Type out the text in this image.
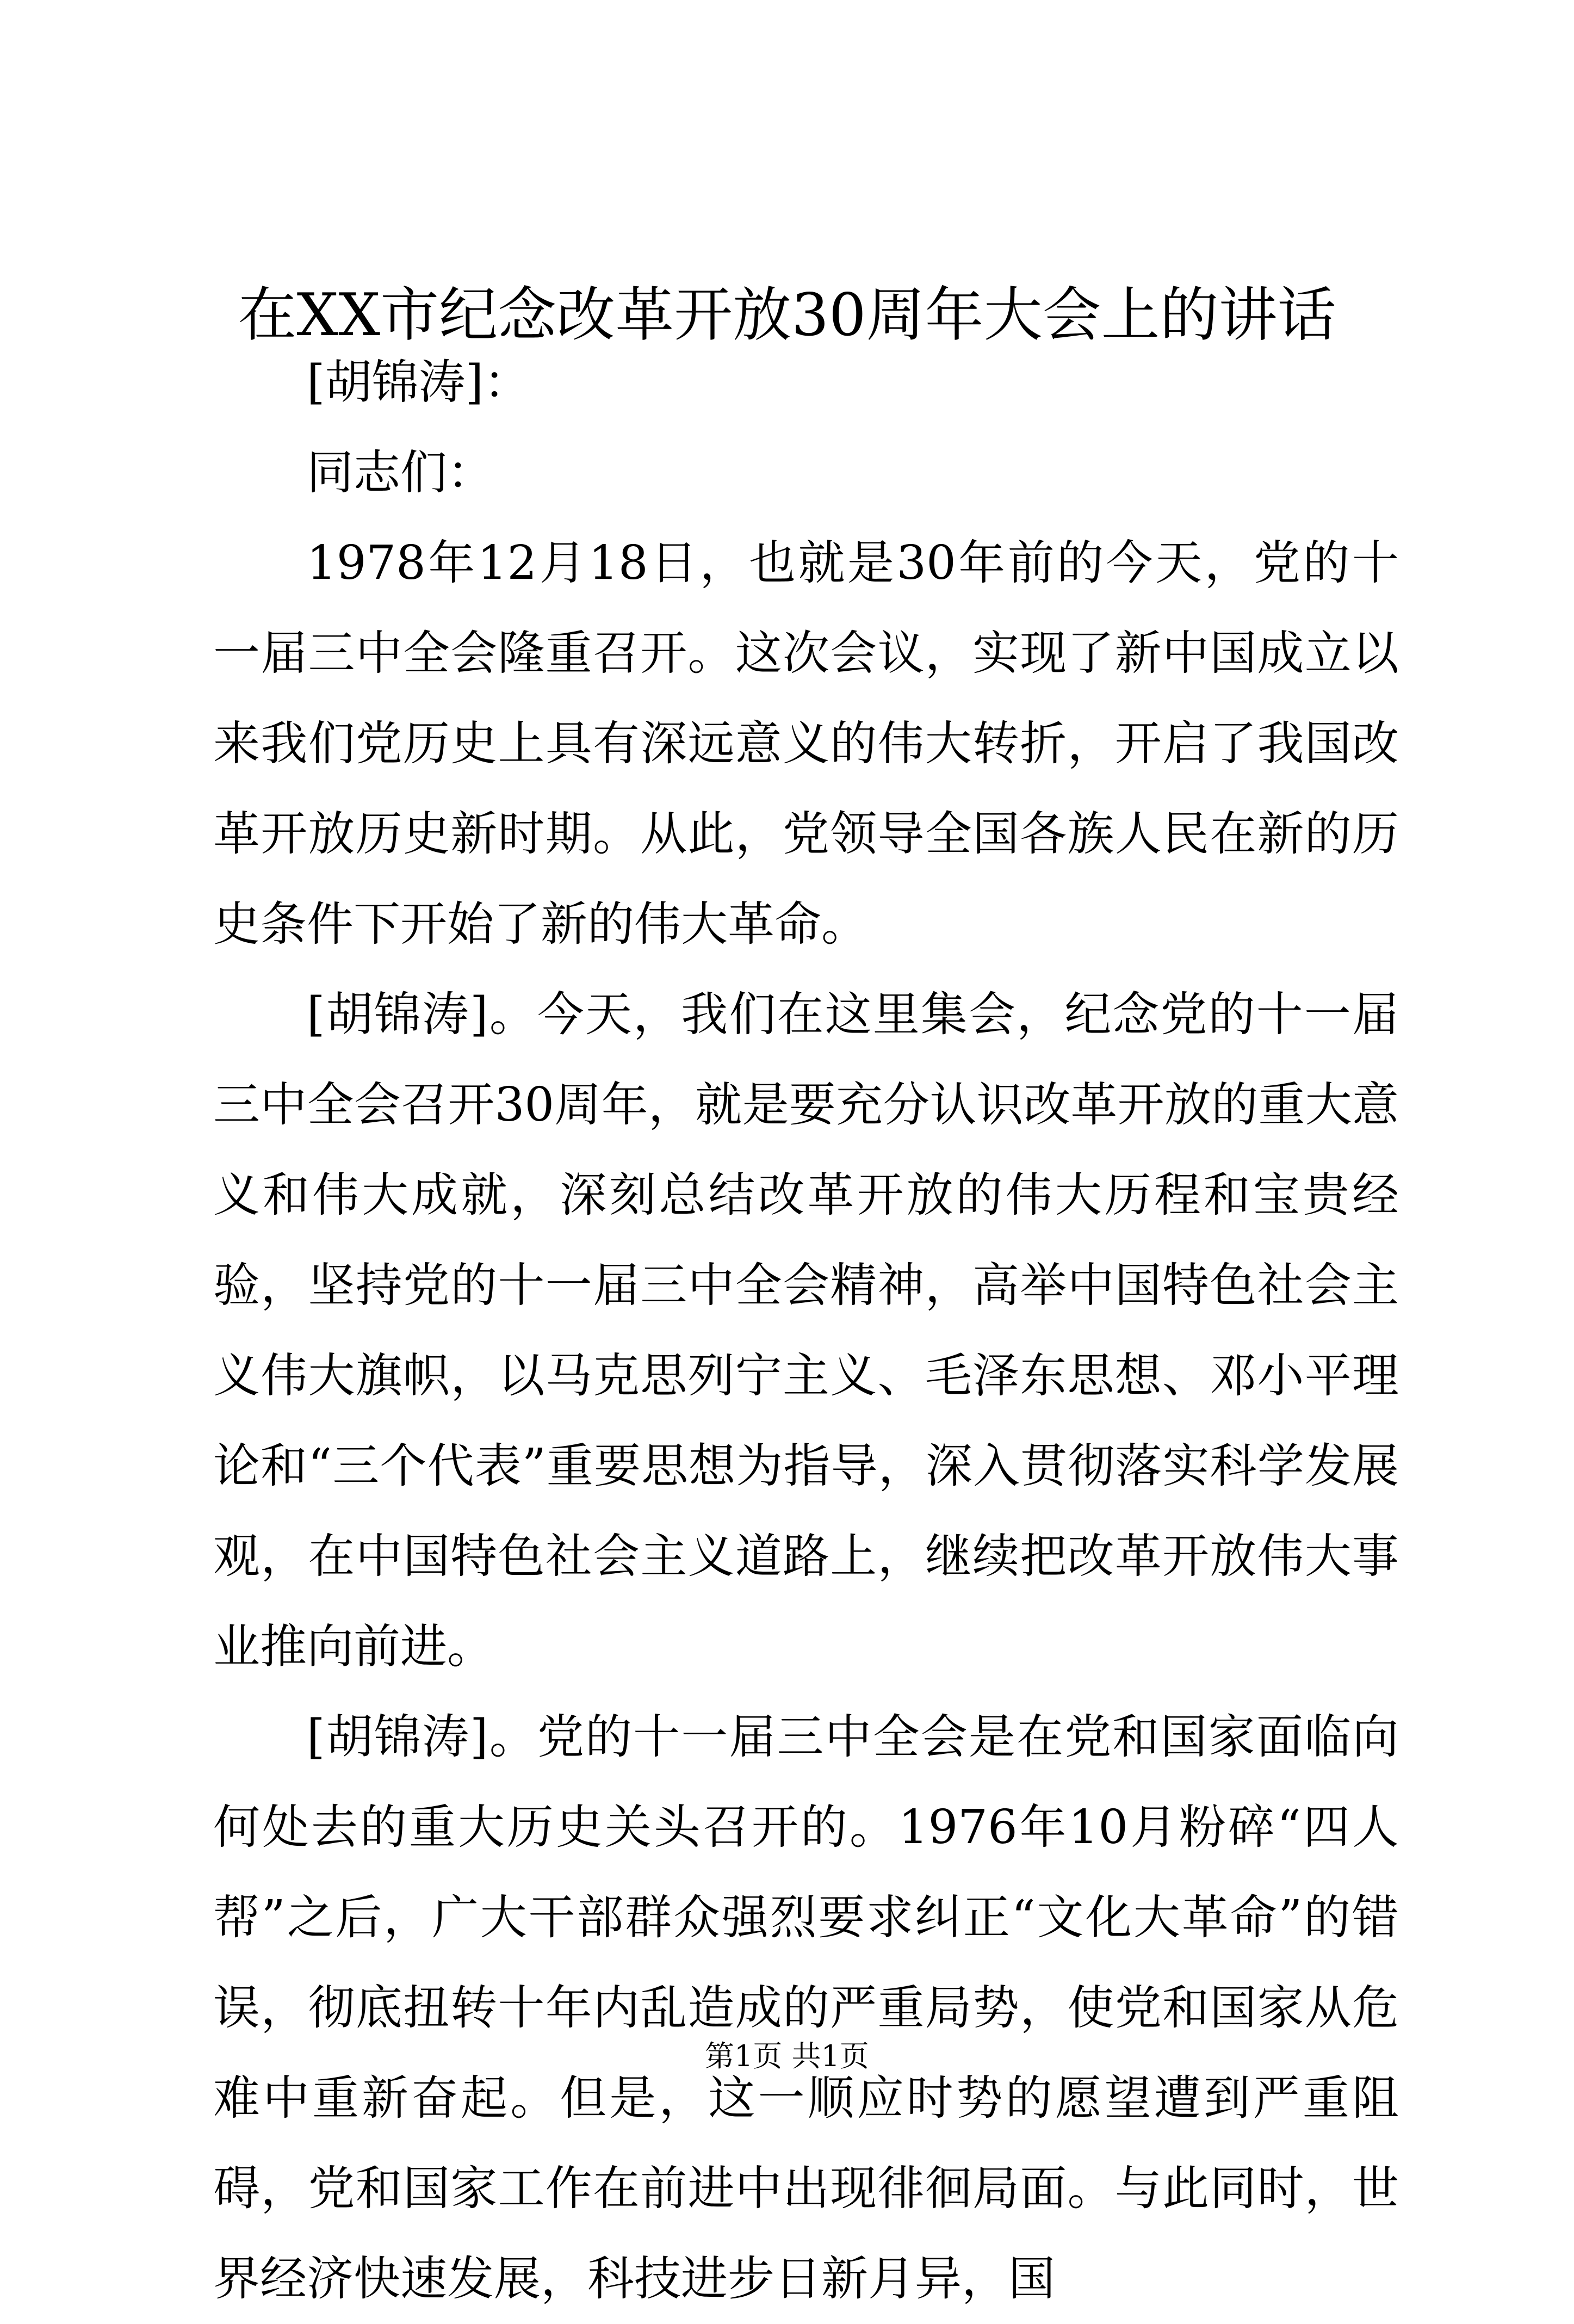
在XX市纪念改革开放30周年大会上的讲话

[胡锦涛]：

同志们：

1978年12月18日，也就是30年前的今天，党的十一届三中全会隆重召开。这次会议，实现了新中国成立以来我们党历史上具有深远意义的伟大转折，开启了我国改革开放历史新时期。从此，党领导全国各族人民在新的历史条件下开始了新的伟大革命。

[胡锦涛]。今天，我们在这里集会，纪念党的十一届三中全会召开30周年，就是要充分认识改革开放的重大意义和伟大成就，深刻总结改革开放的伟大历程和宝贵经验，坚持党的十一届三中全会精神，高举中国特色社会主义伟大旗帜，以马克思列宁主义、毛泽东思想、邓小平理论和“三个代表”重要思想为指导，深入贯彻落实科学发展观，在中国特色社会主义道路上，继续把改革开放伟大事业推向前进。

[胡锦涛]。党的十一届三中全会是在党和国家面临向何处去的重大历史关头召开的。1976年10月粉碎“四人帮”之后，广大干部群众强烈要求纠正“文化大革命”的错误，彻底扭转十年内乱造成的严重局势，使党和国家从危难中重新奋起。但是，这一顺应时势的愿望遭到严重阻碍，党和国家工作在前进中出现徘徊局面。与此同时，世界经济快速发展，科技进步日新月异，国

第1页 共1页
